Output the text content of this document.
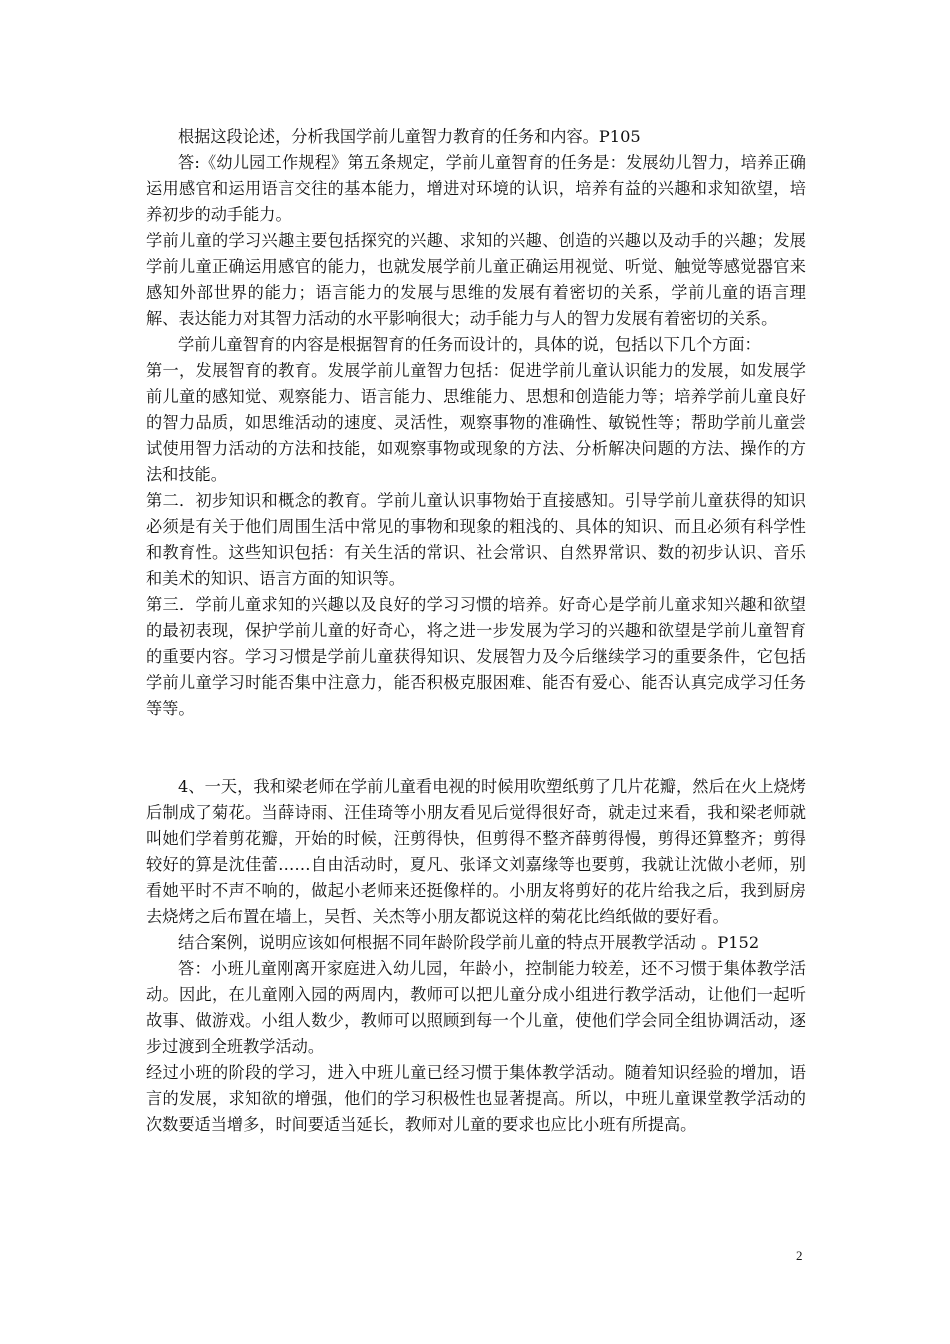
根据这段论述，分析我国学前儿童智力教育的任务和内容。P105

答:《幼儿园工作规程》第五条规定，学前儿童智育的任务是：发展幼儿智力，培养正确运用感官和运用语言交往的基本能力，增进对环境的认识，培养有益的兴趣和求知欲望，培养初步的动手能力。

学前儿童的学习兴趣主要包括探究的兴趣、求知的兴趣、创造的兴趣以及动手的兴趣；发展学前儿童正确运用感官的能力，也就发展学前儿童正确运用视觉、听觉、触觉等感觉器官来感知外部世界的能力；语言能力的发展与思维的发展有着密切的关系，学前儿童的语言理解、表达能力对其智力活动的水平影响很大；动手能力与人的智力发展有着密切的关系。

学前儿童智育的内容是根据智育的任务而设计的，具体的说，包括以下几个方面：

第一，发展智育的教育。发展学前儿童智力包括：促进学前儿童认识能力的发展，如发展学前儿童的感知觉、观察能力、语言能力、思维能力、思想和创造能力等；培养学前儿童良好的智力品质，如思维活动的速度、灵活性，观察事物的准确性、敏锐性等；帮助学前儿童尝试使用智力活动的方法和技能，如观察事物或现象的方法、分析解决问题的方法、操作的方法和技能。

第二．初步知识和概念的教育。学前儿童认识事物始于直接感知。引导学前儿童获得的知识必须是有关于他们周围生活中常见的事物和现象的粗浅的、具体的知识、而且必须有科学性和教育性。这些知识包括：有关生活的常识、社会常识、自然界常识、数的初步认识、音乐和美术的知识、语言方面的知识等。

第三．学前儿童求知的兴趣以及良好的学习习惯的培养。好奇心是学前儿童求知兴趣和欲望的最初表现，保护学前儿童的好奇心，将之进一步发展为学习的兴趣和欲望是学前儿童智育的重要内容。学习习惯是学前儿童获得知识、发展智力及今后继续学习的重要条件，它包括学前儿童学习时能否集中注意力，能否积极克服困难、能否有爱心、能否认真完成学习任务等等。

4、一天，我和梁老师在学前儿童看电视的时候用吹塑纸剪了几片花瓣，然后在火上烧烤后制成了菊花。当薛诗雨、汪佳琦等小朋友看见后觉得很好奇，就走过来看，我和梁老师就叫她们学着剪花瓣，开始的时候，汪剪得快，但剪得不整齐薛剪得慢，剪得还算整齐；剪得较好的算是沈佳蕾……自由活动时，夏凡、张译文刘嘉缘等也要剪，我就让沈做小老师，别看她平时不声不响的，做起小老师来还挺像样的。小朋友将剪好的花片给我之后，我到厨房去烧烤之后布置在墙上，吴哲、关杰等小朋友都说这样的菊花比绉纸做的要好看。

结合案例，说明应该如何根据不同年龄阶段学前儿童的特点开展教学活动 。P152

答：小班儿童刚离开家庭进入幼儿园，年龄小，控制能力较差，还不习惯于集体教学活动。因此，在儿童刚入园的两周内，教师可以把儿童分成小组进行教学活动，让他们一起听故事、做游戏。小组人数少，教师可以照顾到每一个儿童，使他们学会同全组协调活动，逐步过渡到全班教学活动。

经过小班的阶段的学习，进入中班儿童已经习惯于集体教学活动。随着知识经验的增加，语言的发展，求知欲的增强，他们的学习积极性也显著提高。所以，中班儿童课堂教学活动的次数要适当增多，时间要适当延长，教师对儿童的要求也应比小班有所提高。

2
